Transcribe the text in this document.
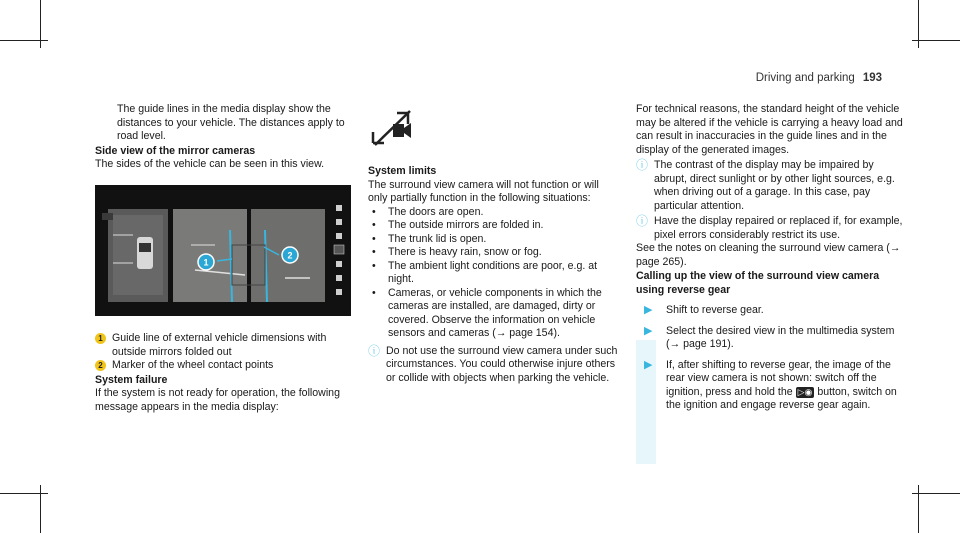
Driving and parking 193

The guide lines in the media display show the distances to your vehicle. The distances apply to road level.

Side view of the mirror cameras

The sides of the vehicle can be seen in this view.

1
2
1 Guide line of external vehicle dimensions with outside mirrors folded out
2 Marker of the wheel contact points

System failure

If the system is not ready for operation, the following message appears in the media display:

System limits

The surround view camera will not function or will only partially function in the following situations:

•	The doors are open.
•	The outside mirrors are folded in.
•	The trunk lid is open.
•	There is heavy rain, snow or fog.
•	The ambient light conditions are poor, e.g. at night.
•	Cameras, or vehicle components in which the cameras are installed, are damaged, dirty or covered. Observe the information on vehicle sensors and cameras (→ page 154).
ⓘ Do not use the surround view camera under such circumstances. You could otherwise injure others or collide with objects when parking the vehicle.

For technical reasons, the standard height of the vehicle may be altered if the vehicle is carrying a heavy load and can result in inaccuracies in the guide lines and in the display of the generated images.

ⓘ The contrast of the display may be impaired by abrupt, direct sunlight or by other light sources, e.g. when driving out of a garage. In this case, pay particular attention.
ⓘ Have the display repaired or replaced if, for example, pixel errors considerably restrict its use.

See the notes on cleaning the surround view camera (→ page 265).

Calling up the view of the surround view camera using reverse gear

▶	Shift to reverse gear.
▶	Select the desired view in the multimedia system (→ page 191).
▶	If, after shifting to reverse gear, the image of the rear view camera is not shown: switch off the ignition, press and hold the ▷◉ button, switch on the ignition and engage reverse gear again.
